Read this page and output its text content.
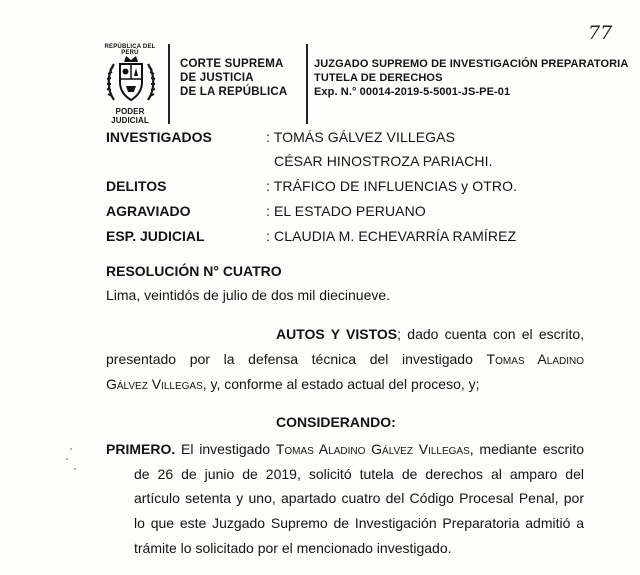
77
REPÚBLICA DEL PERÚ
PODER JUDICIAL
CORTE SUPREMA
DE JUSTICIA
DE LA REPÚBLICA
JUZGADO SUPREMO DE INVESTIGACIÓN PREPARATORIA
TUTELA DE DERECHOS
Exp. N.° 00014-2019-5-5001-JS-PE-01
INVESTIGADOS	: TOMÁS GÁLVEZ VILLEGAS
CÉSAR HINOSTROZA PARIACHI.
DELITOS	: TRÁFICO DE INFLUENCIAS y OTRO.
AGRAVIADO	: EL ESTADO PERUANO
ESP. JUDICIAL	: CLAUDIA M. ECHEVARRÍA RAMÍREZ
RESOLUCIÓN N° CUATRO
Lima, veintidós de julio de dos mil diecinueve.
AUTOS Y VISTOS; dado cuenta con el escrito,
presentado por la defensa técnica del investigado Tomas Aladino
Gálvez Villegas, y, conforme al estado actual del proceso, y;
CONSIDERANDO:
PRIMERO. El investigado Tomas Aladino Gálvez Villegas, mediante escrito
de 26 de junio de 2019, solicitó tutela de derechos al amparo del
artículo setenta y uno, apartado cuatro del Código Procesal Penal, por
lo que este Juzgado Supremo de Investigación Preparatoria admitió a
trámite lo solicitado por el mencionado investigado.
